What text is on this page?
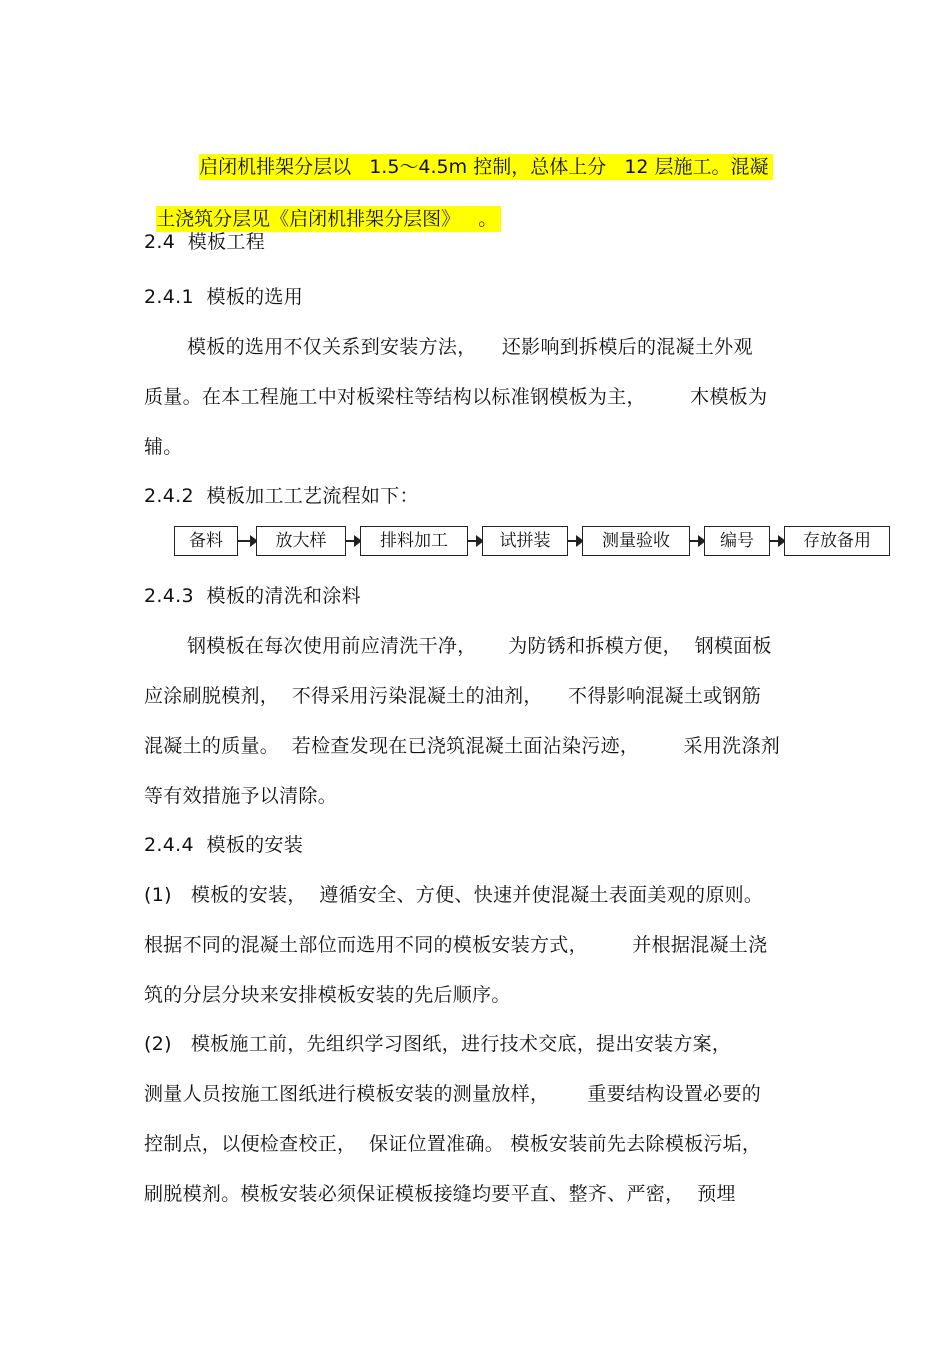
启闭机排架分层以   1.5～4.5m 控制，总体上分   12 层施工。混凝

土浇筑分层见《启闭机排架分层图》   。

2.4  模板工程
2.4.1  模板的选用
模板的选用不仅关系到安装方法，    还影响到拆模后的混凝土外观
质量。在本工程施工中对板梁柱等结构以标准钢模板为主，       木模板为
辅。
2.4.2  模板加工工艺流程如下：
备料	放大样	排料加工	试拼装	测量验收	编号	存放备用
2.4.3  模板的清洗和涂料
钢模板在每次使用前应清洗干净，     为防锈和拆模方便，  钢模面板
应涂刷脱模剂，  不得采用污染混凝土的油剂，    不得影响混凝土或钢筋
混凝土的质量。  若检查发现在已浇筑混凝土面沾染污迹，       采用洗涤剂
等有效措施予以清除。
2.4.4  模板的安装
(1)   模板的安装，  遵循安全、方便、快速并使混凝土表面美观的原则。
根据不同的混凝土部位而选用不同的模板安装方式，       并根据混凝土浇
筑的分层分块来安排模板安装的先后顺序。
(2)   模板施工前，先组织学习图纸，进行技术交底，提出安装方案，
测量人员按施工图纸进行模板安装的测量放样，      重要结构设置必要的
控制点，以便检查校正，  保证位置准确。 模板安装前先去除模板污垢，
刷脱模剂。模板安装必须保证模板接缝均要平直、整齐、严密，  预埋
